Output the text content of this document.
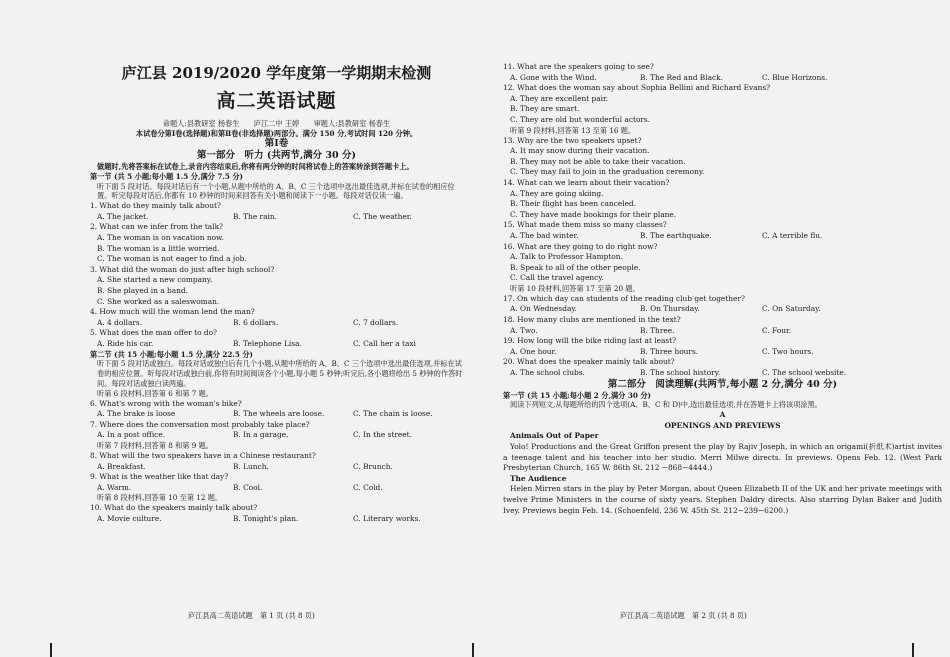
庐江县 2019/2020 学年度第一学期期末检测
高二英语试题
命题人:县教研室 杨春生　　庐江二中 王婷　　审题人:县教研室 杨春生
本试卷分第Ⅰ卷(选择题)和第Ⅱ卷(非选择题)两部分。满分 150 分,考试时间 120 分钟。
第Ⅰ卷
第一部分　听力 (共两节,满分 30 分)
做题时,先将答案标在试卷上,录音内容结束后,你将有两分钟的时间将试卷上的答案转涂到答题卡上。
第一节 (共 5 小题;每小题 1.5 分,满分 7.5 分)
听下面 5 段对话。每段对话后有一个小题,从题中所给的 A、B、C 三个选项中选出最佳选项,并标在试卷的相应位置。听完每段对话后,你都有 10 秒钟的时间来回答有关小题和阅读下一小题。每段对话仅读一遍。
1. What do they mainly talk about?
A. The jacket.	B. The rain.	C. The weather.
2. What can we infer from the talk?
A. The woman is on vacation now.
B. The woman is a little worried.
C. The woman is not eager to find a job.
3. What did the woman do just after high school?
A. She started a new company.
B. She played in a band.
C. She worked as a saleswoman.
4. How much will the woman lend the man?
A. 4 dollars.	B. 6 dollars.	C. 7 dollars.
5. What does the man offer to do?
A. Ride his car.	B. Telephone Lisa.	C. Call her a taxi
第二节 (共 15 小题;每小题 1.5 分,满分 22.5 分)
听下面 5 段对话或独白。每段对话或独白后有几个小题,从题中所给的 A、B、C 三个选项中选出最佳选项,并标在试卷的相应位置。听每段对话或独白前,你将有时间阅读各个小题,每小题 5 秒钟;听完后,各小题将给出 5 秒钟的作答时间。每段对话或独白读两遍。
听第 6 段材料,回答第 6 和第 7 题。
6. What's wrong with the woman's bike?
A. The brake is loose	B. The wheels are loose.	C. The chain is loose.
7. Where does the conversation most probably take place?
A. In a post office.	B. In a garage.	C. In the street.
听第 7 段材料,回答第 8 和第 9 题。
8. What will the two speakers have in a Chinese restaurant?
A. Breakfast.	B. Lunch.	C. Brunch.
9. What is the weather like that day?
A. Warm.	B. Cool.	C. Cold.
听第 8 段材料,回答第 10 至第 12 题。
10. What do the speakers mainly talk about?
A. Movie culture.	B. Tonight's plan.	C. Literary works.
庐江县高二英语试题　第 1 页 (共 8 页)
11. What are the speakers going to see?
A. Gone with the Wind.	B. The Red and Black.	C. Blue Horizons.
12. What does the woman say about Sophia Bellini and Richard Evans?
A. They are excellent pair.
B. They are smart.
C. They are old but wonderful actors.
听第 9 段材料,回答第 13 至第 16 题。
13. Why are the two speakers upset?
A. It may snow during their vacation.
B. They may not be able to take their vacation.
C. They may fail to join in the graduation ceremony.
14. What can we learn about their vacation?
A. They are going skiing.
B. Their flight has been canceled.
C. They have made bookings for their plane.
15. What made them miss so many classes?
A. The bad winter.	B. The earthquake.	C. A terrible flu.
16. What are they going to do right now?
A. Talk to Professor Hampton.
B. Speak to all of the other people.
C. Call the travel agency.
听第 10 段材料,回答第 17 至第 20 题。
17. On which day can students of the reading club get together?
A. On Wednesday.	B. On Thursday.	C. On Saturday.
18. How many clubs are mentioned in the text?
A. Two.	B. Three.	C. Four.
19. How long will the bike riding last at least?
A. One hour.	B. Three hours.	C. Two hours.
20. What does the speaker mainly talk about?
A. The school clubs.	B. The school history.	C. The school website.
第二部分　阅读理解(共两节,每小题 2 分,满分 40 分)
第一节 (共 15 小题;每小题 2 分,满分 30 分)
阅读下列短文,从每题所给的四个选项(A、B、C 和 D)中,选出最佳选项,并在答题卡上将该项涂黑。
A
OPENINGS AND PREVIEWS
Animals Out of Paper
Yolo! Productions and the Great Griffon present the play by Rajiv Joseph, in which an origami(折纸术)artist invites a teenage talent and his teacher into her studio. Merri Milwe directs. In previews. Opens Feb. 12. (West Park Presbyterian Church, 165 W. 86th St. 212 −868−4444.)
The Audience
Helen Mirren stars in the play by Peter Morgan, about Queen Elizabeth II of the UK and her private meetings with twelve Prime Ministers in the course of sixty years. Stephen Daldry directs. Also starring Dylan Baker and Judith Ivey. Previews begin Feb. 14. (Schoenfeld, 236 W. 45th St. 212−239−6200.)
庐江县高二英语试题　第 2 页 (共 8 页)
